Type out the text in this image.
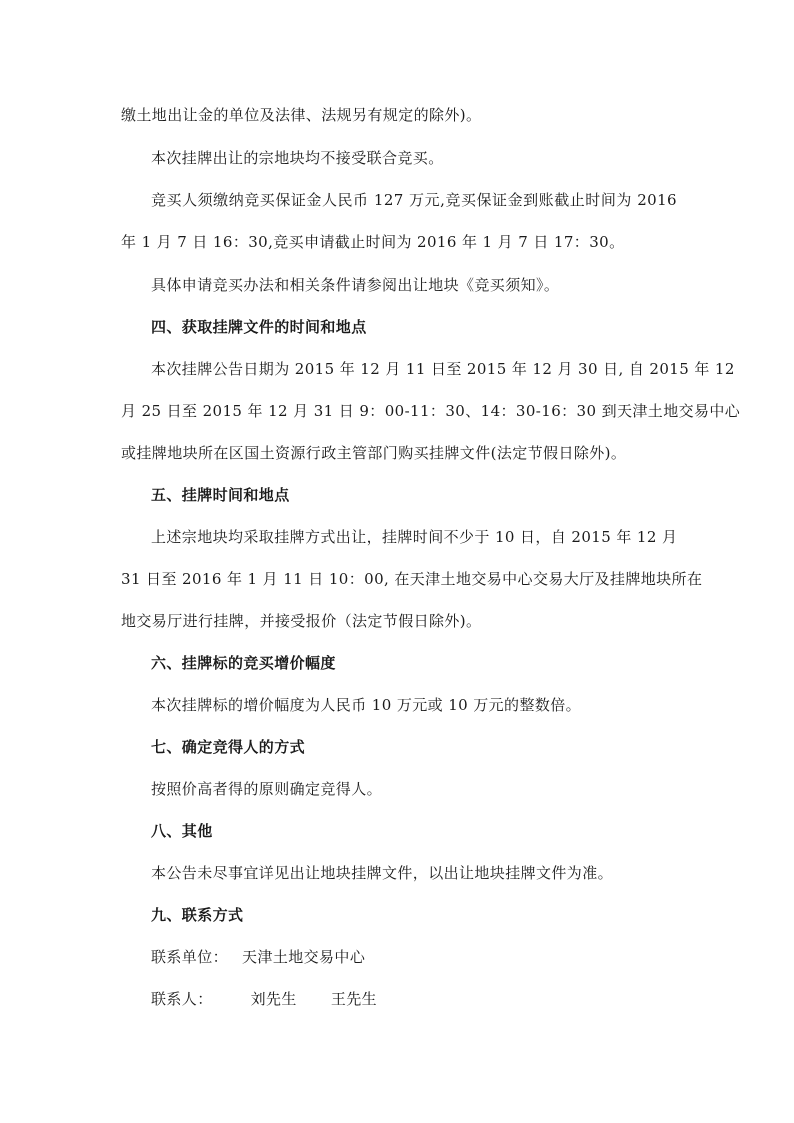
缴土地出让金的单位及法律、法规另有规定的除外)。
本次挂牌出让的宗地块均不接受联合竞买。
竞买人须缴纳竞买保证金人民币 127 万元,竞买保证金到账截止时间为 2016
年 1 月 7 日 16：30,竞买申请截止时间为 2016 年 1 月 7 日 17：30。
具体申请竞买办法和相关条件请参阅出让地块《竞买须知》。
四、获取挂牌文件的时间和地点
本次挂牌公告日期为 2015 年 12 月 11 日至 2015 年 12 月 30 日, 自 2015 年 12
月 25 日至 2015 年 12 月 31 日 9：00-11：30、14：30-16：30 到天津土地交易中心
或挂牌地块所在区国土资源行政主管部门购买挂牌文件(法定节假日除外)。
五、挂牌时间和地点
上述宗地块均采取挂牌方式出让，挂牌时间不少于 10 日，自 2015 年 12 月
31 日至 2016 年 1 月 11 日 10：00, 在天津土地交易中心交易大厅及挂牌地块所在
地交易厅进行挂牌，并接受报价（法定节假日除外)。
六、挂牌标的竞买增价幅度
本次挂牌标的增价幅度为人民币 10 万元或 10 万元的整数倍。
七、确定竞得人的方式
按照价高者得的原则确定竞得人。
八、其他
本公告未尽事宜详见出让地块挂牌文件，以出让地块挂牌文件为准。
九、联系方式
联系单位： 天津土地交易中心
联系人：	刘先生 王先生
